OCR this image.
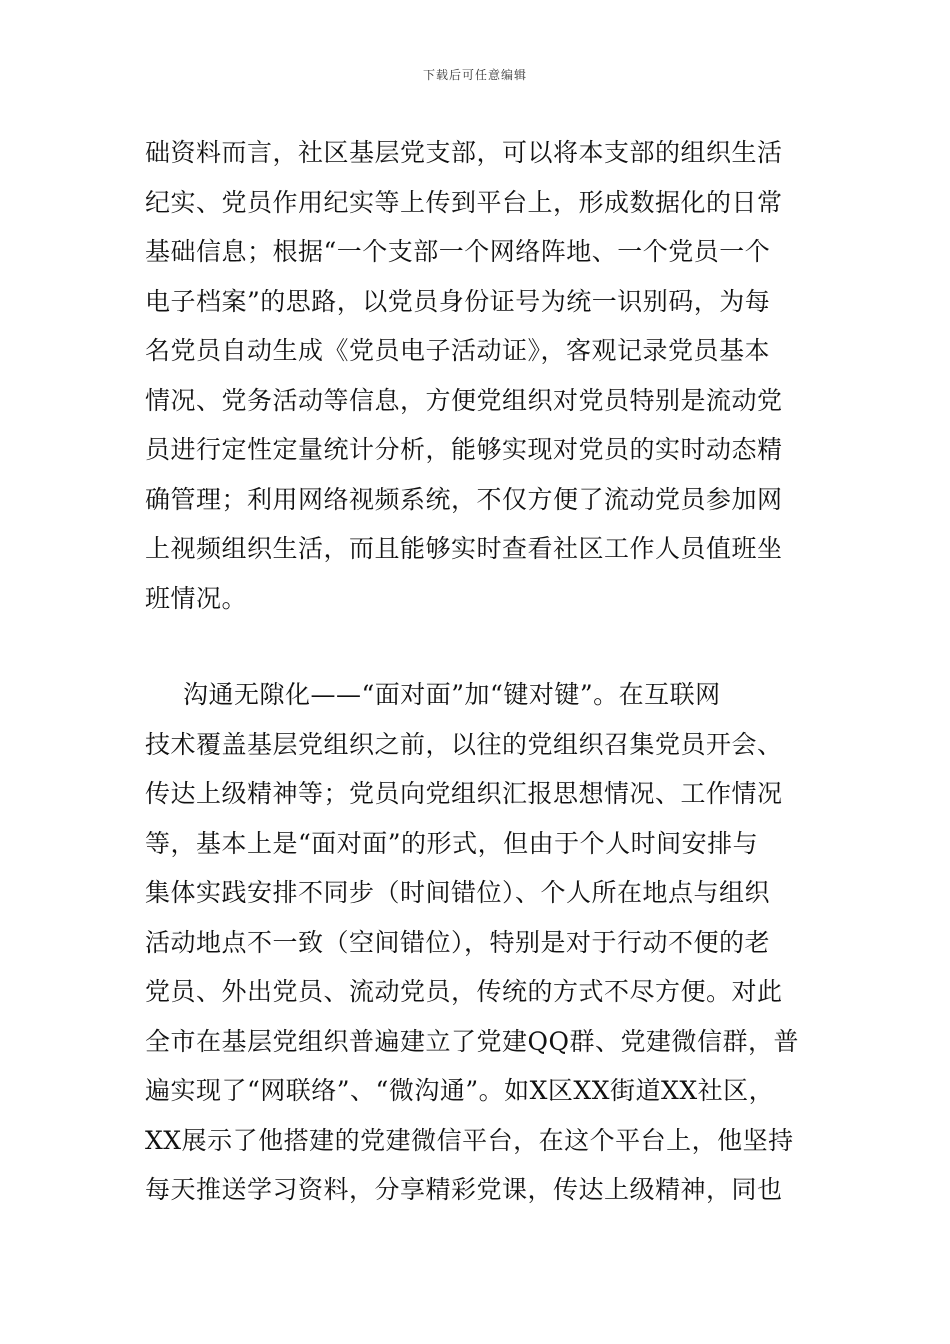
下载后可任意编辑
础资料而言，社区基层党支部，可以将本支部的组织生活
纪实、党员作用纪实等上传到平台上，形成数据化的日常
基础信息；根据“一个支部一个网络阵地、一个党员一个
电子档案”的思路，以党员身份证号为统一识别码，为每
名党员自动生成《党员电子活动证》，客观记录党员基本
情况、党务活动等信息，方便党组织对党员特别是流动党
员进行定性定量统计分析，能够实现对党员的实时动态精
确管理；利用网络视频系统，不仅方便了流动党员参加网
上视频组织生活，而且能够实时查看社区工作人员值班坐
班情况。
沟通无隙化——“面对面”加“键对键”。在互联网
技术覆盖基层党组织之前，以往的党组织召集党员开会、
传达上级精神等；党员向党组织汇报思想情况、工作情况
等，基本上是“面对面”的形式，但由于个人时间安排与
集体实践安排不同步（时间错位）、个人所在地点与组织
活动地点不一致（空间错位），特别是对于行动不便的老
党员、外出党员、流动党员，传统的方式不尽方便。对此
全市在基层党组织普遍建立了党建QQ群、党建微信群，普
遍实现了“网联络”、“微沟通”。如X区XX街道XX社区，
XX展示了他搭建的党建微信平台，在这个平台上，他坚持
每天推送学习资料，分享精彩党课，传达上级精神，同也
